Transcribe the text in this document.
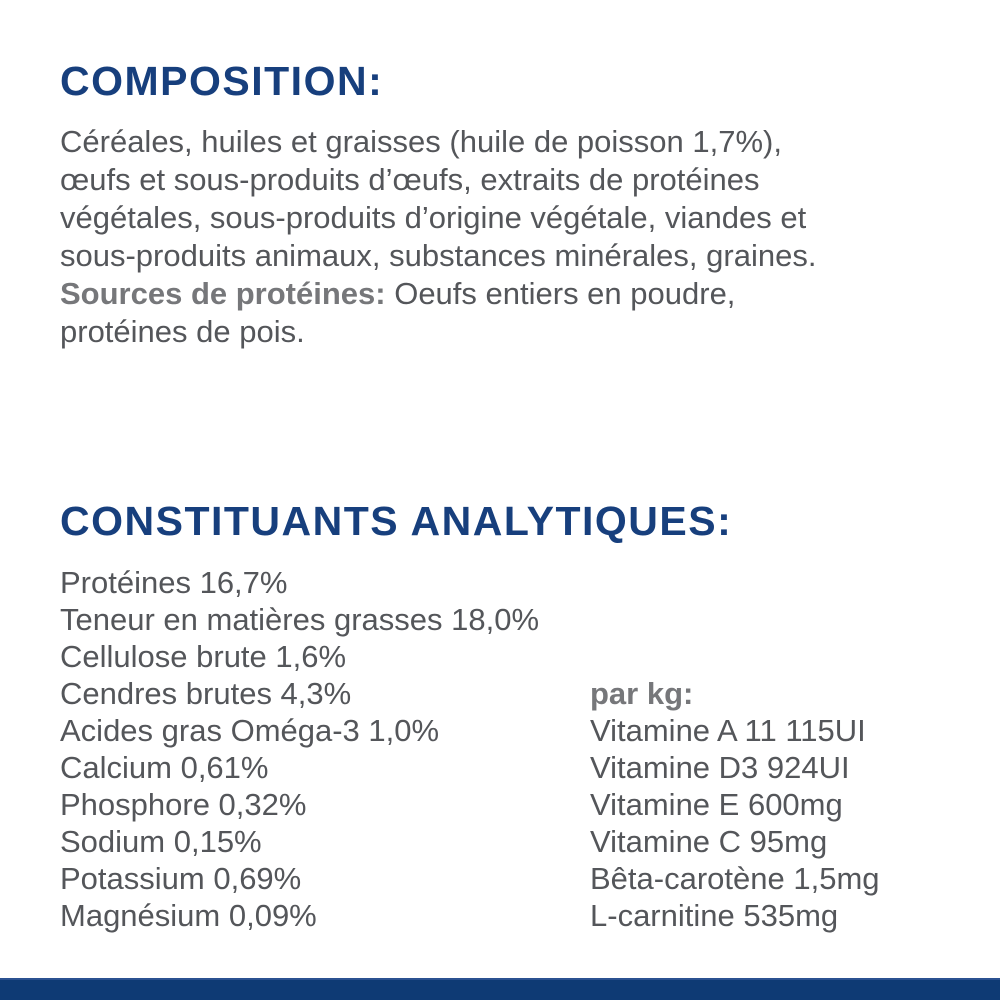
COMPOSITION:
Céréales, huiles et graisses (huile de poisson 1,7%),
œufs et sous-produits d’œufs, extraits de protéines
végétales, sous-produits d’origine végétale, viandes et
sous-produits animaux, substances minérales, graines.
Sources de protéines: Oeufs entiers en poudre,
protéines de pois.
CONSTITUANTS ANALYTIQUES:
Protéines 16,7%
Teneur en matières grasses 18,0%
Cellulose brute 1,6%
Cendres brutes 4,3%
Acides gras Oméga-3 1,0%
Calcium 0,61%
Phosphore 0,32%
Sodium 0,15%
Potassium 0,69%
Magnésium 0,09%
par kg:
Vitamine A 11 115UI
Vitamine D3 924UI
Vitamine E 600mg
Vitamine C 95mg
Bêta-carotène 1,5mg
L-carnitine 535mg
